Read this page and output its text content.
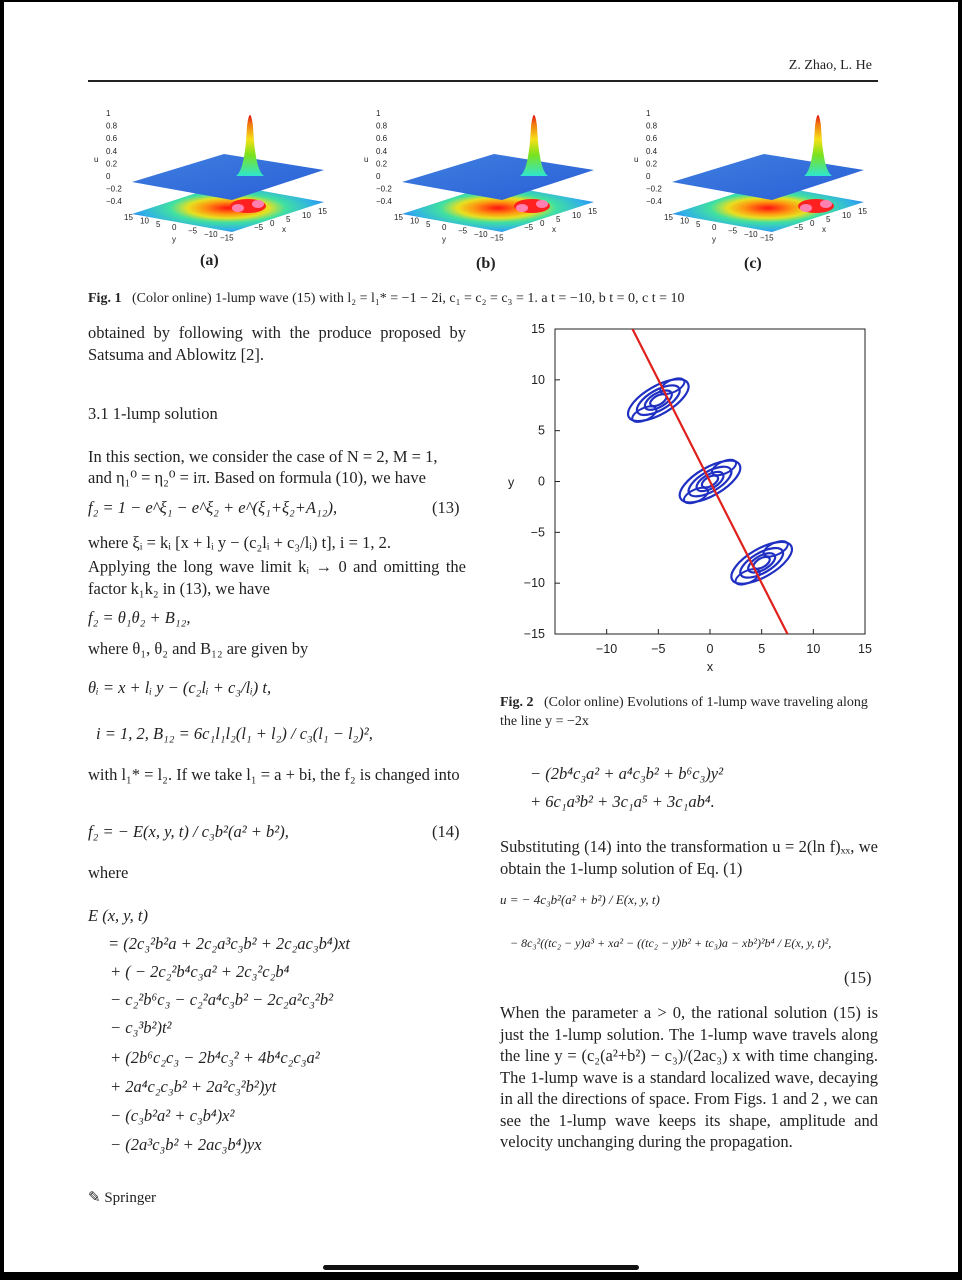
Z. Zhao, L. He
1
0.8
0.6
0.4
0.2
0
−0.2
−0.4
u
15 10 5 0 −5 −10 −15
y
−5 0 5 10 15
x
1
0.8
0.6
0.4
0.2
0
−0.2
−0.4
u
15 10 5 0 −5 −10 −15
y
−5 0 5 10 15
x
1
0.8
0.6
0.4
0.2
0
−0.2
−0.4
u
15 10 5 0 −5 −10 −15
y
−5 0 5 10 15
x
(a)	(b)	(c)
Fig. 1 (Color online) 1-lump wave (15) with l₂ = l₁* = −1 − 2i, c₁ = c₂ = c₃ = 1. a t = −10, b t = 0, c t = 10
obtained by following with the produce proposed by Satsuma and Ablowitz [2].
3.1 1-lump solution
In this section, we consider the case of N = 2, M = 1,
and η₁⁰ = η₂⁰ = iπ. Based on formula (10), we have
f₂ = 1 − e^ξ₁ − e^ξ₂ + e^(ξ₁+ξ₂+A₁₂),	(13)
where ξᵢ = kᵢ [x + lᵢ y − (c₂lᵢ + c₃/lᵢ) t], i = 1, 2.
Applying the long wave limit kᵢ → 0 and omitting the factor k₁k₂ in (13), we have
f₂ = θ₁θ₂ + B₁₂,
where θ₁, θ₂ and B₁₂ are given by
θᵢ = x + lᵢ y − (c₂lᵢ + c₃/lᵢ) t,
i = 1, 2, B₁₂ = 6c₁l₁l₂(l₁ + l₂) / c₃(l₁ − l₂)²,
with l₁* = l₂. If we take l₁ = a + bi, the f₂ is changed into
f₂ = − E(x, y, t) / c₃b²(a² + b²),	(14)
where
E (x, y, t)
= (2c₃²b²a + 2c₂a³c₃b² + 2c₂ac₃b⁴)xt
+ ( − 2c₂²b⁴c₃a² + 2c₃²c₂b⁴
− c₂²b⁶c₃ − c₂²a⁴c₃b² − 2c₂a²c₃²b²
− c₃³b²)t²
+ (2b⁶c₂c₃ − 2b⁴c₃² + 4b⁴c₂c₃a²
+ 2a⁴c₂c₃b² + 2a²c₃²b²)yt
− (c₃b²a² + c₃b⁴)x²
− (2a³c₃b² + 2ac₃b⁴)yx
−10	−5	0	5	10	15
−15
−10
−5
0
5
10
15
x
y
Fig. 2 (Color online) Evolutions of 1-lump wave traveling along the line y = −2x
− (2b⁴c₃a² + a⁴c₃b² + b⁶c₃)y²
+ 6c₁a³b² + 3c₁a⁵ + 3c₁ab⁴.
Substituting (14) into the transformation u = 2(ln f)ₓₓ, we obtain the 1-lump solution of Eq. (1)
u = − 4c₃b²(a² + b²) / E(x, y, t)
− 8c₃²((tc₂ − y)a³ + xa² − ((tc₂ − y)b² + tc₃)a − xb²)²b⁴ / E(x, y, t)²,
(15)
When the parameter a > 0, the rational solution (15) is just the 1-lump solution. The 1-lump wave travels along the line y = (c₂(a²+b²) − c₃)/(2ac₃) x with time changing. The 1-lump wave is a standard localized wave, decaying in all the directions of space. From Figs. 1 and 2 , we can see the 1-lump wave keeps its shape, amplitude and velocity unchanging during the propagation.
✎ Springer
